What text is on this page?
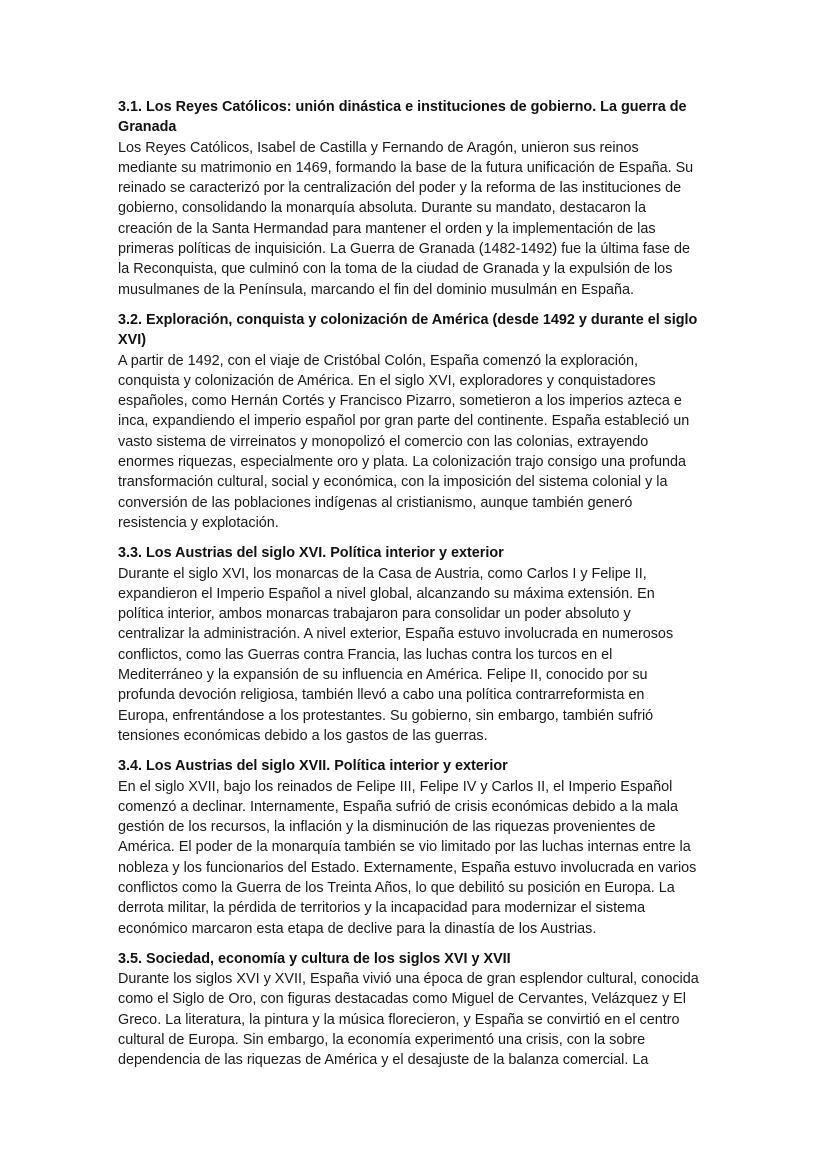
3.1. Los Reyes Católicos: unión dinástica e instituciones de gobierno. La guerra de
Granada
Los Reyes Católicos, Isabel de Castilla y Fernando de Aragón, unieron sus reinos
mediante su matrimonio en 1469, formando la base de la futura unificación de España. Su
reinado se caracterizó por la centralización del poder y la reforma de las instituciones de
gobierno, consolidando la monarquía absoluta. Durante su mandato, destacaron la
creación de la Santa Hermandad para mantener el orden y la implementación de las
primeras políticas de inquisición. La Guerra de Granada (1482-1492) fue la última fase de
la Reconquista, que culminó con la toma de la ciudad de Granada y la expulsión de los
musulmanes de la Península, marcando el fin del dominio musulmán en España.
3.2. Exploración, conquista y colonización de América (desde 1492 y durante el siglo
XVI)
A partir de 1492, con el viaje de Cristóbal Colón, España comenzó la exploración,
conquista y colonización de América. En el siglo XVI, exploradores y conquistadores
españoles, como Hernán Cortés y Francisco Pizarro, sometieron a los imperios azteca e
inca, expandiendo el imperio español por gran parte del continente. España estableció un
vasto sistema de virreinatos y monopolizó el comercio con las colonias, extrayendo
enormes riquezas, especialmente oro y plata. La colonización trajo consigo una profunda
transformación cultural, social y económica, con la imposición del sistema colonial y la
conversión de las poblaciones indígenas al cristianismo, aunque también generó
resistencia y explotación.
3.3. Los Austrias del siglo XVI. Política interior y exterior
Durante el siglo XVI, los monarcas de la Casa de Austria, como Carlos I y Felipe II,
expandieron el Imperio Español a nivel global, alcanzando su máxima extensión. En
política interior, ambos monarcas trabajaron para consolidar un poder absoluto y
centralizar la administración. A nivel exterior, España estuvo involucrada en numerosos
conflictos, como las Guerras contra Francia, las luchas contra los turcos en el
Mediterráneo y la expansión de su influencia en América. Felipe II, conocido por su
profunda devoción religiosa, también llevó a cabo una política contrarreformista en
Europa, enfrentándose a los protestantes. Su gobierno, sin embargo, también sufrió
tensiones económicas debido a los gastos de las guerras.
3.4. Los Austrias del siglo XVII. Política interior y exterior
En el siglo XVII, bajo los reinados de Felipe III, Felipe IV y Carlos II, el Imperio Español
comenzó a declinar. Internamente, España sufrió de crisis económicas debido a la mala
gestión de los recursos, la inflación y la disminución de las riquezas provenientes de
América. El poder de la monarquía también se vio limitado por las luchas internas entre la
nobleza y los funcionarios del Estado. Externamente, España estuvo involucrada en varios
conflictos como la Guerra de los Treinta Años, lo que debilitó su posición en Europa. La
derrota militar, la pérdida de territorios y la incapacidad para modernizar el sistema
económico marcaron esta etapa de declive para la dinastía de los Austrias.
3.5. Sociedad, economía y cultura de los siglos XVI y XVII
Durante los siglos XVI y XVII, España vivió una época de gran esplendor cultural, conocida
como el Siglo de Oro, con figuras destacadas como Miguel de Cervantes, Velázquez y El
Greco. La literatura, la pintura y la música florecieron, y España se convirtió en el centro
cultural de Europa. Sin embargo, la economía experimentó una crisis, con la sobre
dependencia de las riquezas de América y el desajuste de la balanza comercial. La
